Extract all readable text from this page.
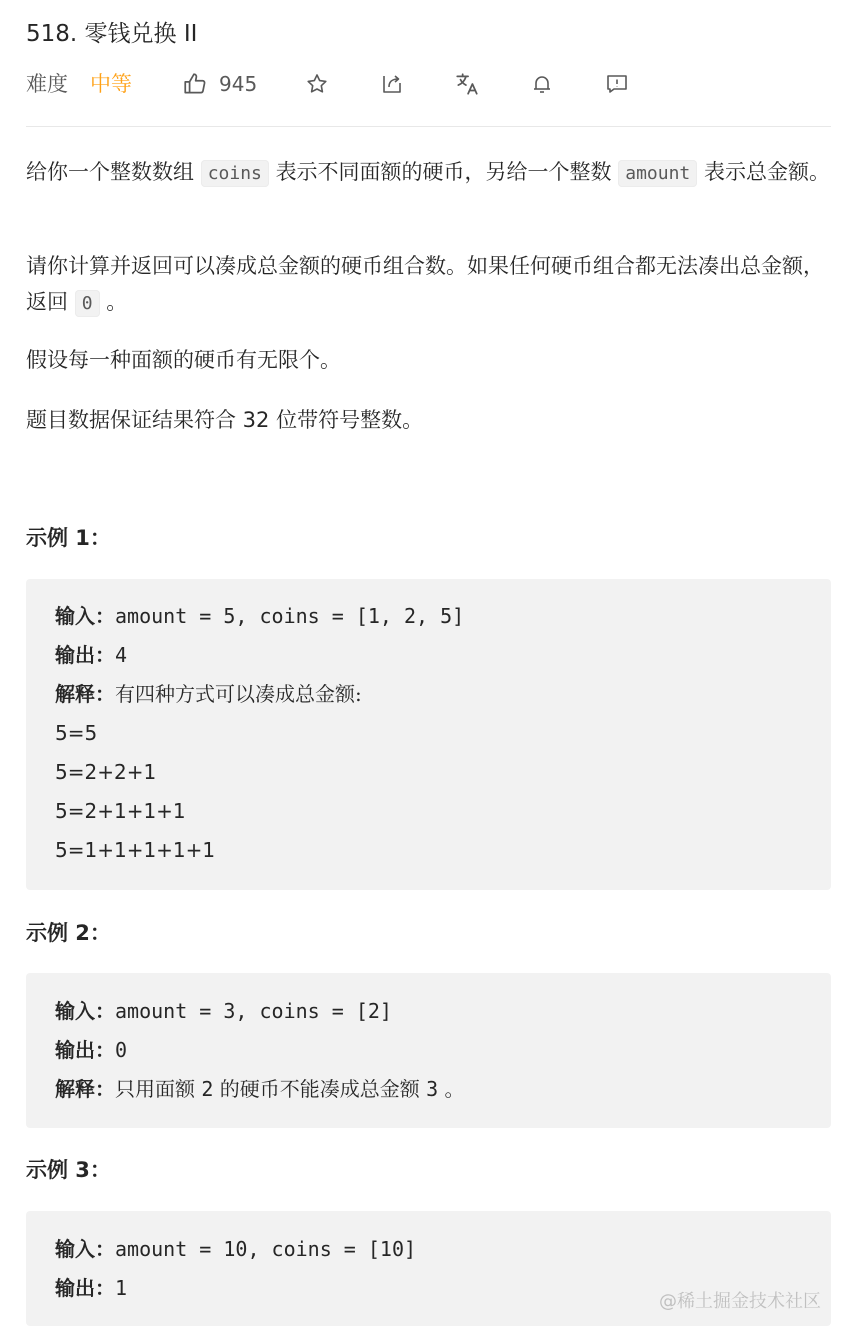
518. 零钱兑换 II
难度 中等	945

给你一个整数数组 coins 表示不同面额的硬币，另给一个整数 amount 表示总金额。

请你计算并返回可以凑成总金额的硬币组合数。如果任何硬币组合都无法凑出总金额，返回 0 。

假设每一种面额的硬币有无限个。

题目数据保证结果符合 32 位带符号整数。

示例 1：
输入：amount = 5, coins = [1, 2, 5]
输出：4
解释：有四种方式可以凑成总金额:
5=5
5=2+2+1
5=2+1+1+1
5=1+1+1+1+1
示例 2：
输入：amount = 3, coins = [2]
输出：0
解释：只用面额 2 的硬币不能凑成总金额 3 。
示例 3：
输入：amount = 10, coins = [10]
输出：1
@稀土掘金技术社区
